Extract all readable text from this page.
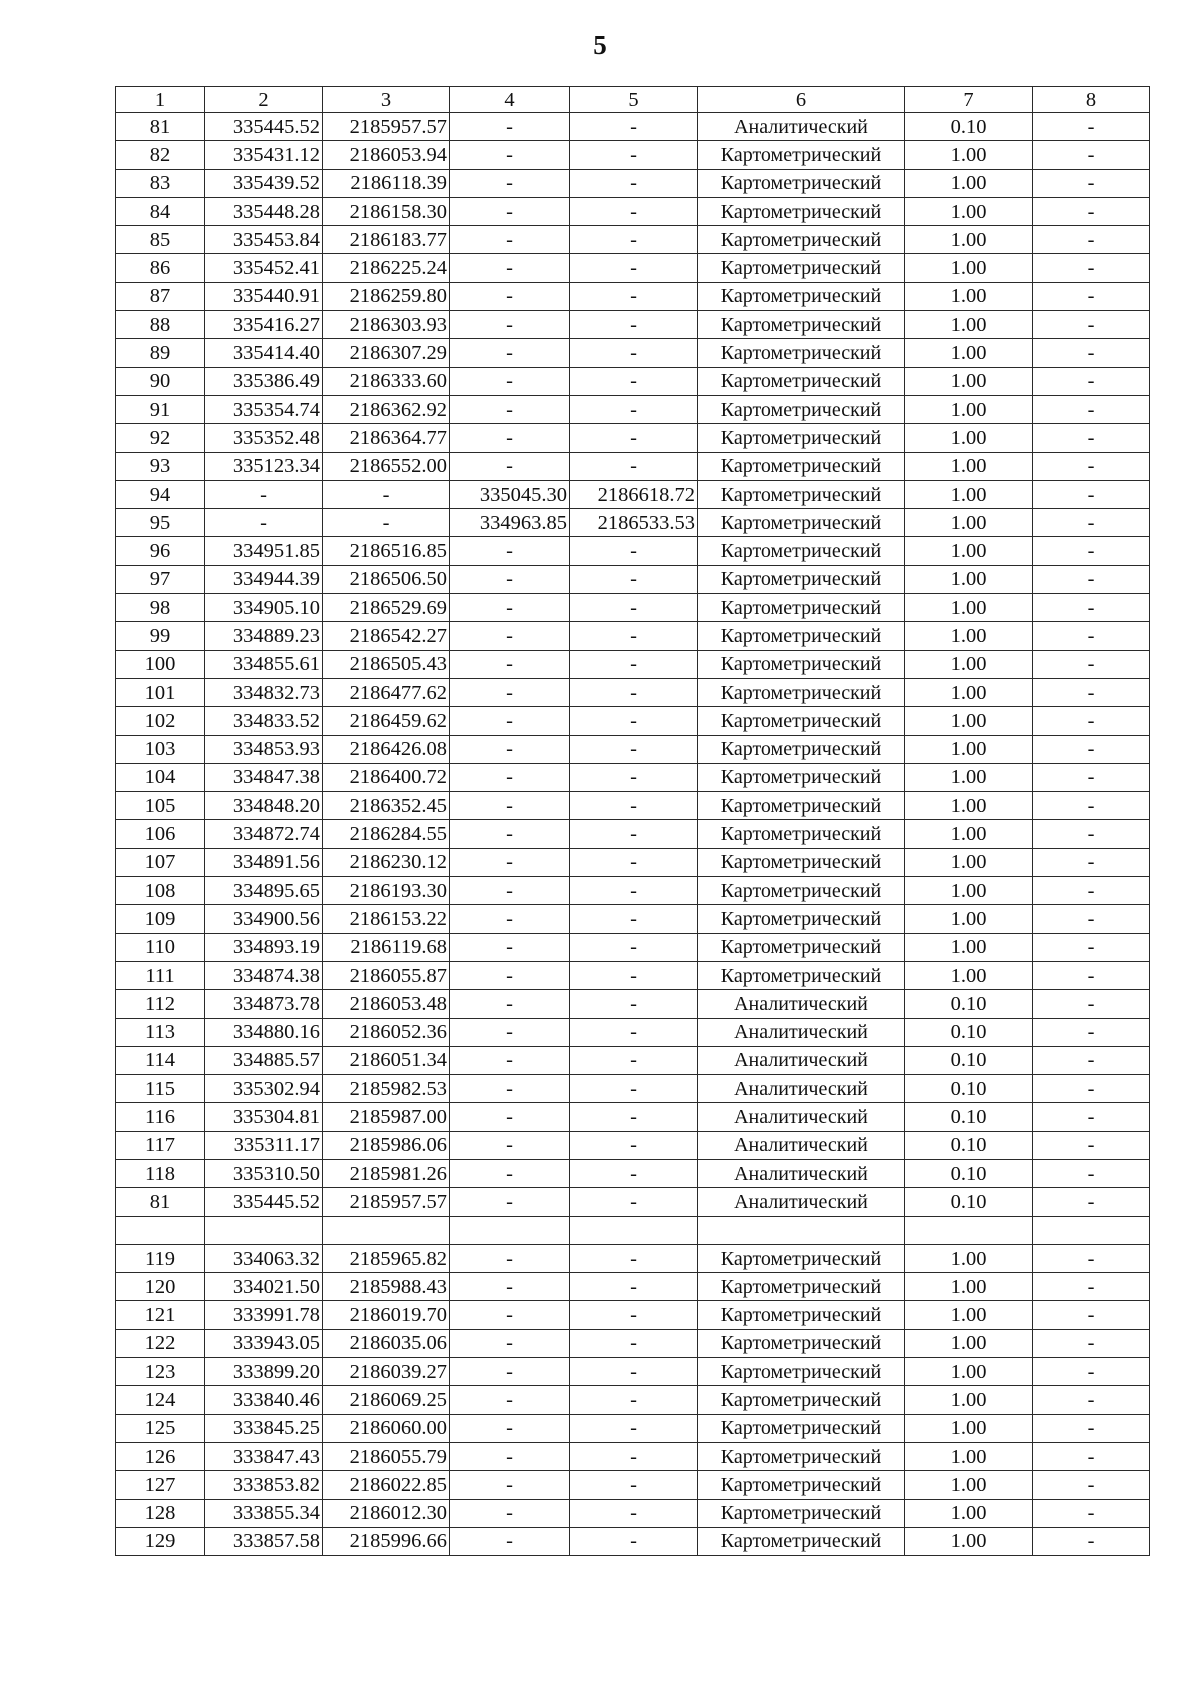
5
1	2	3	4	5	6	7	8
81	335445.52	2185957.57	-	-	Аналитический	0.10	-
82	335431.12	2186053.94	-	-	Картометрический	1.00	-
83	335439.52	2186118.39	-	-	Картометрический	1.00	-
84	335448.28	2186158.30	-	-	Картометрический	1.00	-
85	335453.84	2186183.77	-	-	Картометрический	1.00	-
86	335452.41	2186225.24	-	-	Картометрический	1.00	-
87	335440.91	2186259.80	-	-	Картометрический	1.00	-
88	335416.27	2186303.93	-	-	Картометрический	1.00	-
89	335414.40	2186307.29	-	-	Картометрический	1.00	-
90	335386.49	2186333.60	-	-	Картометрический	1.00	-
91	335354.74	2186362.92	-	-	Картометрический	1.00	-
92	335352.48	2186364.77	-	-	Картометрический	1.00	-
93	335123.34	2186552.00	-	-	Картометрический	1.00	-
94	-	-	335045.30	2186618.72	Картометрический	1.00	-
95	-	-	334963.85	2186533.53	Картометрический	1.00	-
96	334951.85	2186516.85	-	-	Картометрический	1.00	-
97	334944.39	2186506.50	-	-	Картометрический	1.00	-
98	334905.10	2186529.69	-	-	Картометрический	1.00	-
99	334889.23	2186542.27	-	-	Картометрический	1.00	-
100	334855.61	2186505.43	-	-	Картометрический	1.00	-
101	334832.73	2186477.62	-	-	Картометрический	1.00	-
102	334833.52	2186459.62	-	-	Картометрический	1.00	-
103	334853.93	2186426.08	-	-	Картометрический	1.00	-
104	334847.38	2186400.72	-	-	Картометрический	1.00	-
105	334848.20	2186352.45	-	-	Картометрический	1.00	-
106	334872.74	2186284.55	-	-	Картометрический	1.00	-
107	334891.56	2186230.12	-	-	Картометрический	1.00	-
108	334895.65	2186193.30	-	-	Картометрический	1.00	-
109	334900.56	2186153.22	-	-	Картометрический	1.00	-
110	334893.19	2186119.68	-	-	Картометрический	1.00	-
111	334874.38	2186055.87	-	-	Картометрический	1.00	-
112	334873.78	2186053.48	-	-	Аналитический	0.10	-
113	334880.16	2186052.36	-	-	Аналитический	0.10	-
114	334885.57	2186051.34	-	-	Аналитический	0.10	-
115	335302.94	2185982.53	-	-	Аналитический	0.10	-
116	335304.81	2185987.00	-	-	Аналитический	0.10	-
117	335311.17	2185986.06	-	-	Аналитический	0.10	-
118	335310.50	2185981.26	-	-	Аналитический	0.10	-
81	335445.52	2185957.57	-	-	Аналитический	0.10	-

119	334063.32	2185965.82	-	-	Картометрический	1.00	-
120	334021.50	2185988.43	-	-	Картометрический	1.00	-
121	333991.78	2186019.70	-	-	Картометрический	1.00	-
122	333943.05	2186035.06	-	-	Картометрический	1.00	-
123	333899.20	2186039.27	-	-	Картометрический	1.00	-
124	333840.46	2186069.25	-	-	Картометрический	1.00	-
125	333845.25	2186060.00	-	-	Картометрический	1.00	-
126	333847.43	2186055.79	-	-	Картометрический	1.00	-
127	333853.82	2186022.85	-	-	Картометрический	1.00	-
128	333855.34	2186012.30	-	-	Картометрический	1.00	-
129	333857.58	2185996.66	-	-	Картометрический	1.00	-
